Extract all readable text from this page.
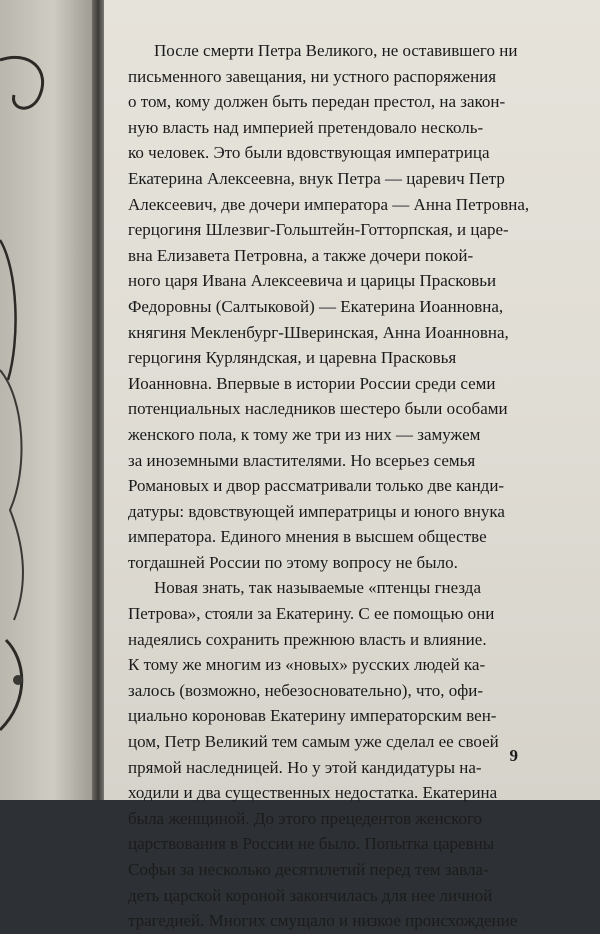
После смерти Петра Великого, не оставившего ни
письменного завещания, ни устного распоряжения
о том, кому должен быть передан престол, на закон-
ную власть над империей претендовало несколь-
ко человек. Это были вдовствующая императрица
Екатерина Алексеевна, внук Петра — царевич Петр
Алексеевич, две дочери императора — Анна Петровна,
герцогиня Шлезвиг-Гольштейн-Готторпская, и царе-
вна Елизавета Петровна, а также дочери покой-
ного царя Ивана Алексеевича и царицы Прасковьи
Федоровны (Салтыковой) — Екатерина Иоанновна,
княгиня Мекленбург-Шверинская, Анна Иоанновна,
герцогиня Курляндская, и царевна Прасковья
Иоанновна. Впервые в истории России среди семи
потенциальных наследников шестеро были особами
женского пола, к тому же три из них — замужем
за иноземными властителями. Но всерьез семья
Романовых и двор рассматривали только две канди-
датуры: вдовствующей императрицы и юного внука
императора. Единого мнения в высшем обществе
тогдашней России по этому вопросу не было.
Новая знать, так называемые «птенцы гнезда
Петрова», стояли за Екатерину. С ее помощью они
надеялись сохранить прежнюю власть и влияние.
К тому же многим из «новых» русских людей ка-
залось (возможно, небезосновательно), что, офи-
циально короновав Екатерину императорским вен-
цом, Петр Великий тем самым уже сделал ее своей
прямой наследницей. Но у этой кандидатуры на-
ходили и два существенных недостатка. Екатерина
была женщиной. До этого прецедентов женского
царствования в России не было. Попытка царевны
Софьи за несколько десятилетий перед тем завла-
деть царской короной закончилась для нее личной
трагедией. Многих смущало и низкое происхождение
9
